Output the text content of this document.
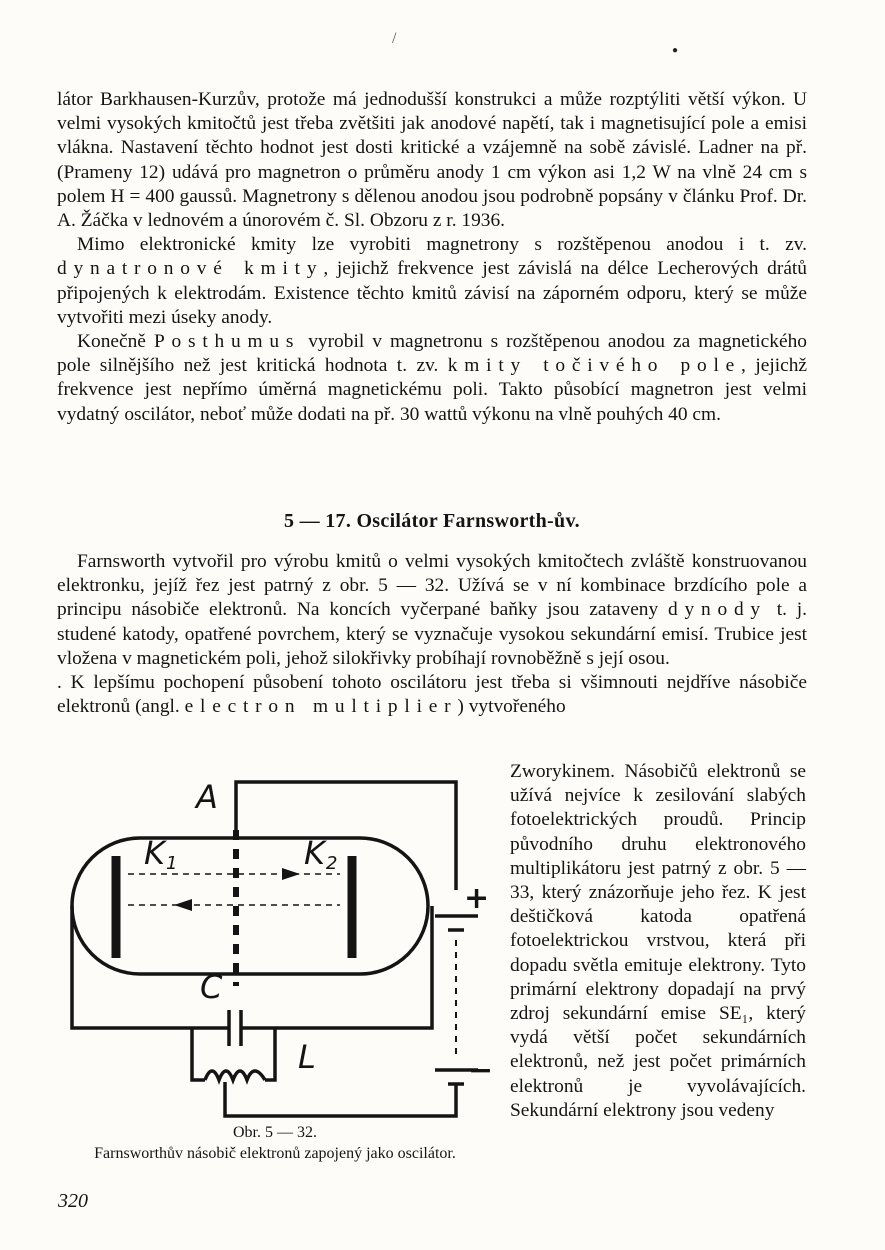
/
●

látor Barkhausen-Kurzův, protože má jednodušší konstrukci a může rozptýliti větší výkon. U velmi vysokých kmitočtů jest třeba zvětšiti jak anodové napětí, tak i magnetisující pole a emisi vlákna. Nastavení těchto hodnot jest dosti kritické a vzájemně na sobě závislé. Ladner na př. (Prameny 12) udává pro magnetron o průměru anody 1 cm výkon asi 1,2 W na vlně 24 cm s polem H = 400 gaussů. Magnetrony s dělenou anodou jsou podrobně popsány v článku Prof. Dr. A. Žáčka v lednovém a únorovém č. Sl. Obzoru z r. 1936.

Mimo elektronické kmity lze vyrobiti magnetrony s rozštěpenou anodou i t. zv. dynatronové kmity, jejichž frekvence jest závislá na délce Lecherových drátů připojených k elektrodám. Existence těchto kmitů závisí na záporném odporu, který se může vytvořiti mezi úseky anody.

Konečně Posthumus vyrobil v magnetronu s rozštěpenou anodou za magnetického pole silnějšího než jest kritická hodnota t. zv. kmity točivého pole, jejichž frekvence jest nepřímo úměrná magnetickému poli. Takto působící magnetron jest velmi vydatný oscilátor, neboť může dodati na př. 30 wattů výkonu na vlně pouhých 40 cm.

5 — 17. Oscilátor Farnsworth-ův.

Farnsworth vytvořil pro výrobu kmitů o velmi vysokých kmitočtech zvláště konstruovanou elektronku, jejíž řez jest patrný z obr. 5 — 32. Užívá se v ní kombinace brzdícího pole a principu násobiče elektronů. Na koncích vyčerpané baňky jsou zataveny dynody t. j. studené katody, opatřené povrchem, který se vyznačuje vysokou sekundární emisí. Trubice jest vložena v magnetickém poli, jehož silokřivky probíhají rovnoběžně s její osou.

. K lepšímu pochopení působení tohoto oscilátoru jest třeba si všimnouti nejdříve násobiče elektronů (angl. electron multiplier) vytvořeného

Zworykinem. Násobičů elektronů se užívá nejvíce k zesilování slabých fotoelektrických proudů. Princip původního druhu elektronového multiplikátoru jest patrný z obr. 5 — 33, který znázorňuje jeho řez. K jest deštičková katoda opatřená fotoelektrickou vrstvou, která při dopadu světla emituje elektrony. Tyto primární elektrony dopadají na prvý zdroj sekundární emise SE₁, který vydá větší počet sekundárních elektronů, než jest počet primárních elektronů je vyvolávajících. Sekundární elektrony jsou vedeny

A
K 1	K 2
C
L
+
−
Obr. 5 — 32.
Farnsworthův násobič elektronů zapojený jako oscilátor.
320
